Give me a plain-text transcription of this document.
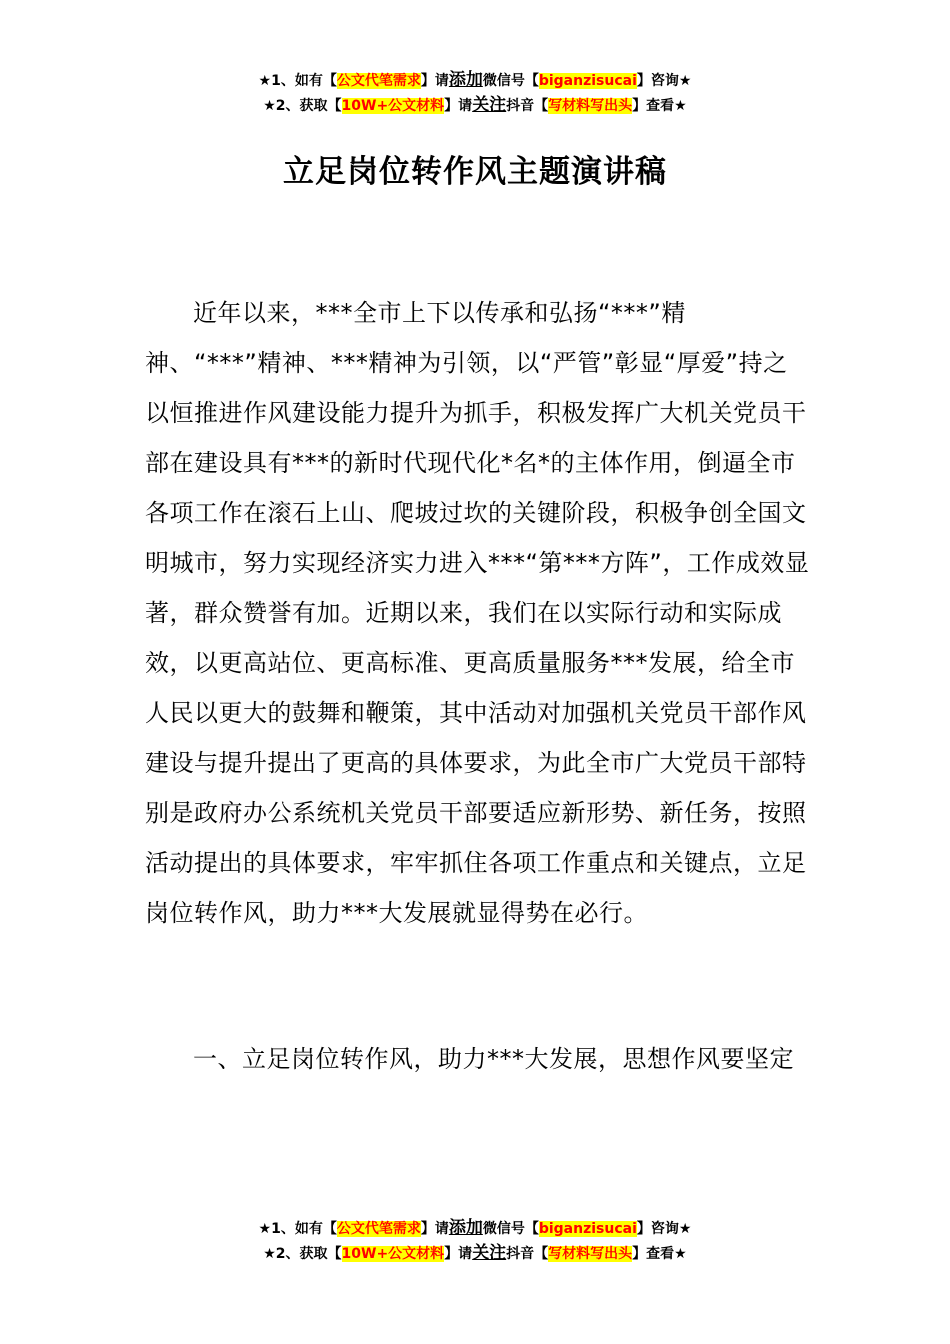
★1、如有【公文代笔需求】请添加微信号【biganzisucai】咨询★
★2、获取【10W+公文材料】请关注抖音【写材料写出头】查看★
立足岗位转作风主题演讲稿
近年以来，***全市上下以传承和弘扬“***”精神、“***”精神、***精神为引领，以“严管”彰显“厚爱”持之以恒推进作风建设能力提升为抓手，积极发挥广大机关党员干部在建设具有***的新时代现代化*名*的主体作用，倒逼全市各项工作在滚石上山、爬坡过坎的关键阶段，积极争创全国文明城市，努力实现经济实力进入***“第***方阵”，工作成效显著，群众赞誉有加。近期以来，我们在以实际行动和实际成效，以更高站位、更高标准、更高质量服务***发展，给全市人民以更大的鼓舞和鞭策，其中活动对加强机关党员干部作风建设与提升提出了更高的具体要求，为此全市广大党员干部特别是政府办公系统机关党员干部要适应新形势、新任务，按照活动提出的具体要求，牢牢抓住各项工作重点和关键点，立足岗位转作风，助力***大发展就显得势在必行。
一、立足岗位转作风，助力***大发展，思想作风要坚定
★1、如有【公文代笔需求】请添加微信号【biganzisucai】咨询★
★2、获取【10W+公文材料】请关注抖音【写材料写出头】查看★
